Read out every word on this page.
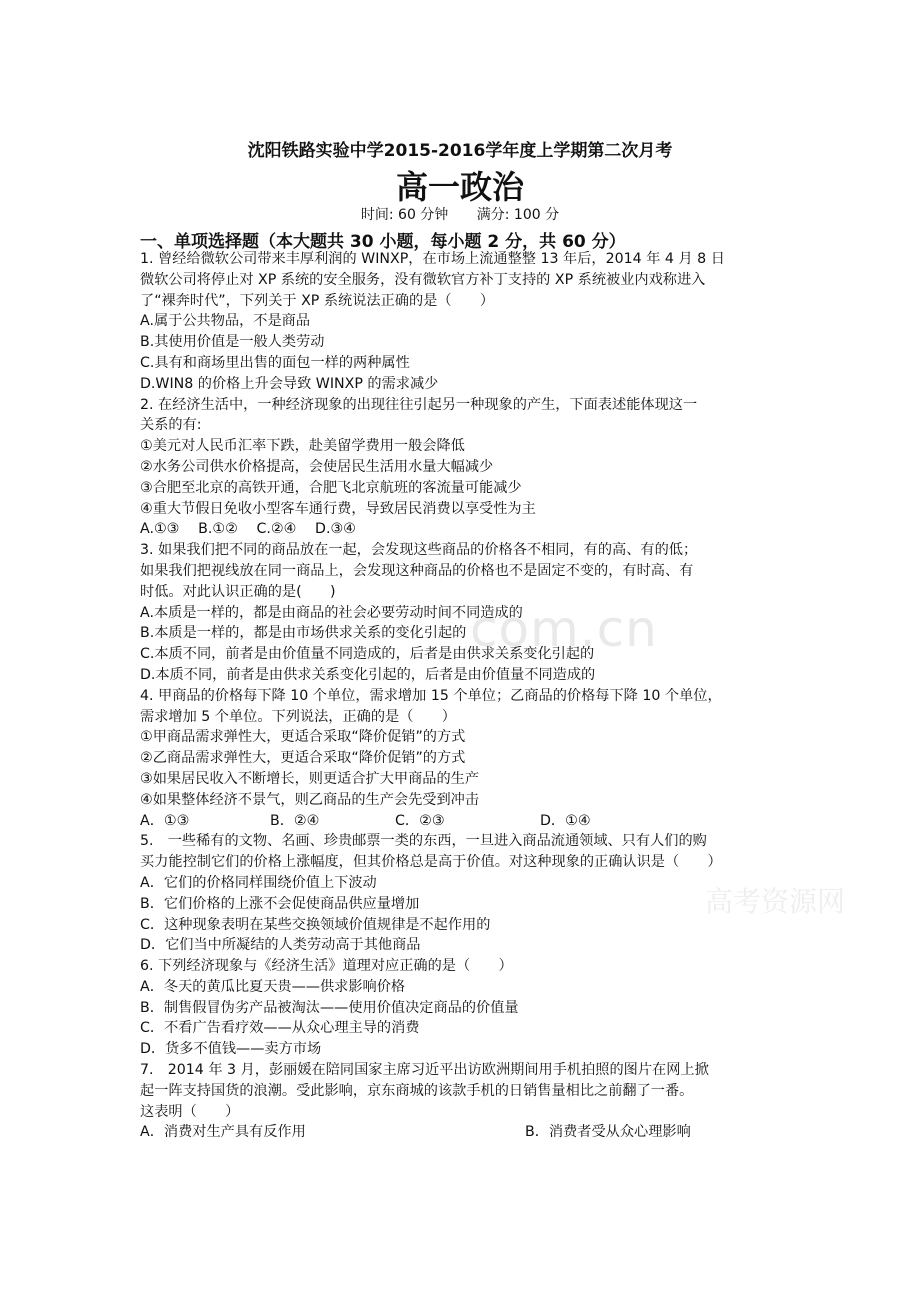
沈阳铁路实验中学2015-2016学年度上学期第二次月考
高一政治
时间: 60 分钟 满分: 100 分
一、单项选择题（本大题共 30 小题，每小题 2 分，共 60 分）
com.cn
高考资源网
1. 曾经给微软公司带来丰厚利润的 WINXP，在市场上流通整整 13 年后，2014 年 4 月 8 日
微软公司将停止对 XP 系统的安全服务，没有微软官方补丁支持的 XP 系统被业内戏称进入
了“裸奔时代”，下列关于 XP 系统说法正确的是（　　）
A.属于公共物品，不是商品
B.其使用价值是一般人类劳动
C.具有和商场里出售的面包一样的两种属性
D.WIN8 的价格上升会导致 WINXP 的需求减少
2. 在经济生活中，一种经济现象的出现往往引起另一种现象的产生，下面表述能体现这一
关系的有:
①美元对人民币汇率下跌，赴美留学费用一般会降低
②水务公司供水价格提高，会使居民生活用水量大幅减少
③合肥至北京的高铁开通，合肥飞北京航班的客流量可能减少
④重大节假日免收小型客车通行费，导致居民消费以享受性为主
A.①③　 B.①②　 C.②④　 D.③④
3. 如果我们把不同的商品放在一起，会发现这些商品的价格各不相同，有的高、有的低；
如果我们把视线放在同一商品上，会发现这种商品的价格也不是固定不变的，有时高、有
时低。对此认识正确的是(　　)
A.本质是一样的，都是由商品的社会必要劳动时间不同造成的
B.本质是一样的，都是由市场供求关系的变化引起的
C.本质不同，前者是由价值量不同造成的，后者是由供求关系变化引起的
D.本质不同，前者是由供求关系变化引起的，后者是由价值量不同造成的
4. 甲商品的价格每下降 10 个单位，需求增加 15 个单位；乙商品的价格每下降 10 个单位，
需求增加 5 个单位。下列说法，正确的是（　　）
①甲商品需求弹性大，更适合采取“降价促销”的方式
②乙商品需求弹性大，更适合采取“降价促销”的方式
③如果居民收入不断增长，则更适合扩大甲商品的生产
④如果整体经济不景气，则乙商品的生产会先受到冲击
A．①③	B．②④	C．②③	D．①④
5.　一些稀有的文物、名画、珍贵邮票一类的东西，一旦进入商品流通领域、只有人们的购
买力能控制它们的价格上涨幅度，但其价格总是高于价值。对这种现象的正确认识是（　　）
A．它们的价格同样围绕价值上下波动
B．它们价格的上涨不会促使商品供应量增加
C．这种现象表明在某些交换领域价值规律是不起作用的
D．它们当中所凝结的人类劳动高于其他商品
6. 下列经济现象与《经济生活》道理对应正确的是（　　）
A．冬天的黄瓜比夏天贵——供求影响价格
B．制售假冒伪劣产品被淘汰——使用价值决定商品的价值量
C．不看广告看疗效——从众心理主导的消费
D．货多不值钱——卖方市场
7.　2014 年 3 月，彭丽媛在陪同国家主席习近平出访欧洲期间用手机拍照的图片在网上掀
起一阵支持国货的浪潮。受此影响，京东商城的该款手机的日销售量相比之前翻了一番。
这表明（　　）
A．消费对生产具有反作用	B．消费者受从众心理影响
